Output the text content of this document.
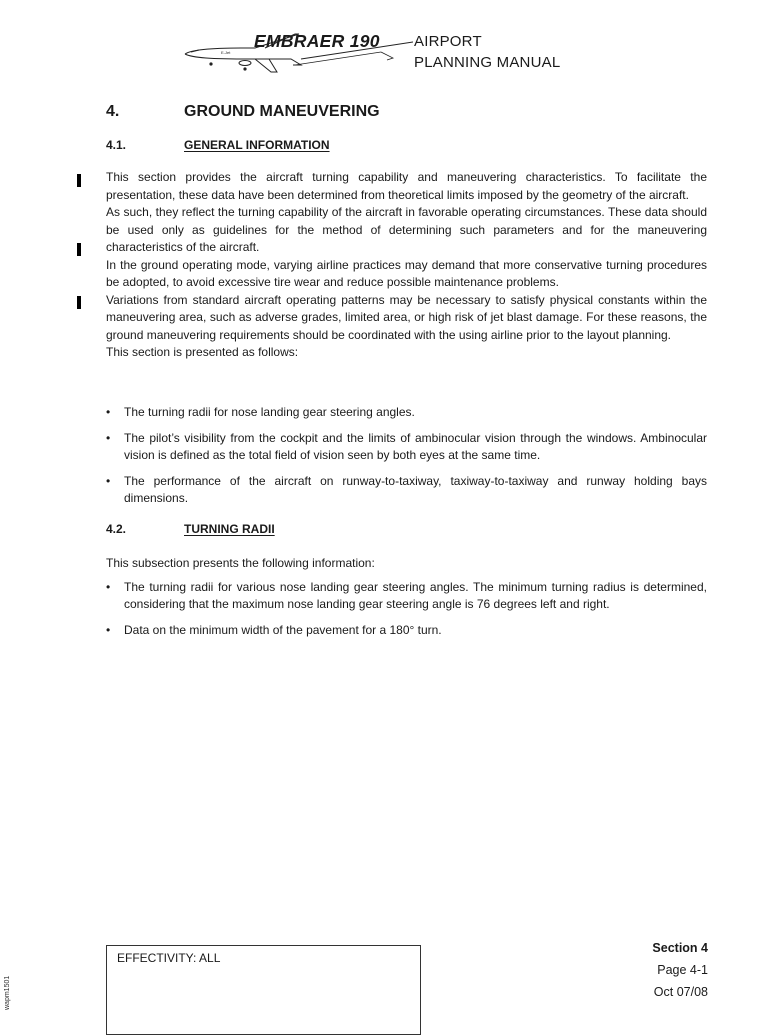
E-Jet
EMBRAER 190 AIRPORT
PLANNING MANUAL
4.	GROUND MANEUVERING
4.1.	GENERAL INFORMATION

This section provides the aircraft turning capability and maneuvering characteristics. To facilitate the presentation, these data have been determined from theoretical limits imposed by the geometry of the aircraft.

As such, they reflect the turning capability of the aircraft in favorable operating circumstances. These data should be used only as guidelines for the method of determining such parameters and for the maneuvering characteristics of the aircraft.

In the ground operating mode, varying airline practices may demand that more conservative turning procedures be adopted, to avoid excessive tire wear and reduce possible maintenance problems.

Variations from standard aircraft operating patterns may be necessary to satisfy physical constants within the maneuvering area, such as adverse grades, limited area, or high risk of jet blast damage. For these reasons, the ground maneuvering requirements should be coordinated with the using airline prior to the layout planning.

This section is presented as follows:

• The turning radii for nose landing gear steering angles.
• The pilot’s visibility from the cockpit and the limits of ambinocular vision through the windows. Ambinocular vision is defined as the total field of vision seen by both eyes at the same time.
• The performance of the aircraft on runway-to-taxiway, taxiway-to-taxiway and runway holding bays dimensions.
4.2.	TURNING RADII

This subsection presents the following information:

• The turning radii for various nose landing gear steering angles. The minimum turning radius is determined, considering that the maximum nose landing gear steering angle is 76 degrees left and right.
• Data on the minimum width of the pavement for a 180° turn.
wapm1501
EFFECTIVITY: ALL
Section 4
Page 4-1
Oct 07/08
